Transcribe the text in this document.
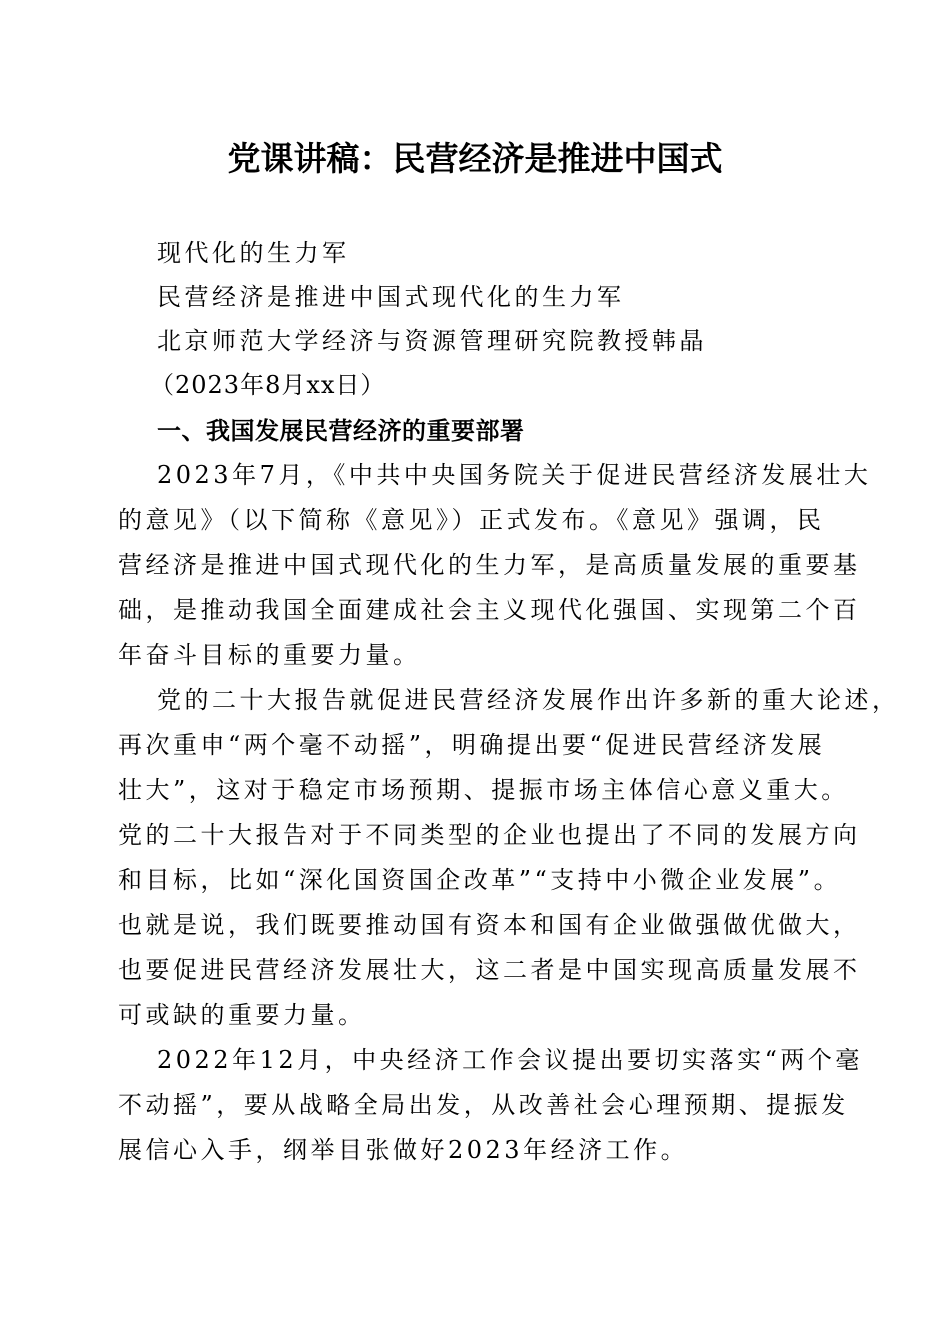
党课讲稿：民营经济是推进中国式
现代化的生力军
民营经济是推进中国式现代化的生力军
北京师范大学经济与资源管理研究院教授韩晶
（2023年8月xx日）
一、我国发展民营经济的重要部署
2023年7月，《中共中央国务院关于促进民营经济发展壮大
的意见》（以下简称《意见》）正式发布。《意见》强调，民
营经济是推进中国式现代化的生力军，是高质量发展的重要基
础，是推动我国全面建成社会主义现代化强国、实现第二个百
年奋斗目标的重要力量。
党的二十大报告就促进民营经济发展作出许多新的重大论述，
再次重申“两个毫不动摇”，明确提出要“促进民营经济发展
壮大”，这对于稳定市场预期、提振市场主体信心意义重大。
党的二十大报告对于不同类型的企业也提出了不同的发展方向
和目标，比如“深化国资国企改革”“支持中小微企业发展”。
也就是说，我们既要推动国有资本和国有企业做强做优做大，
也要促进民营经济发展壮大，这二者是中国实现高质量发展不
可或缺的重要力量。
2022年12月，中央经济工作会议提出要切实落实“两个毫
不动摇”，要从战略全局出发，从改善社会心理预期、提振发
展信心入手，纲举目张做好2023年经济工作。
